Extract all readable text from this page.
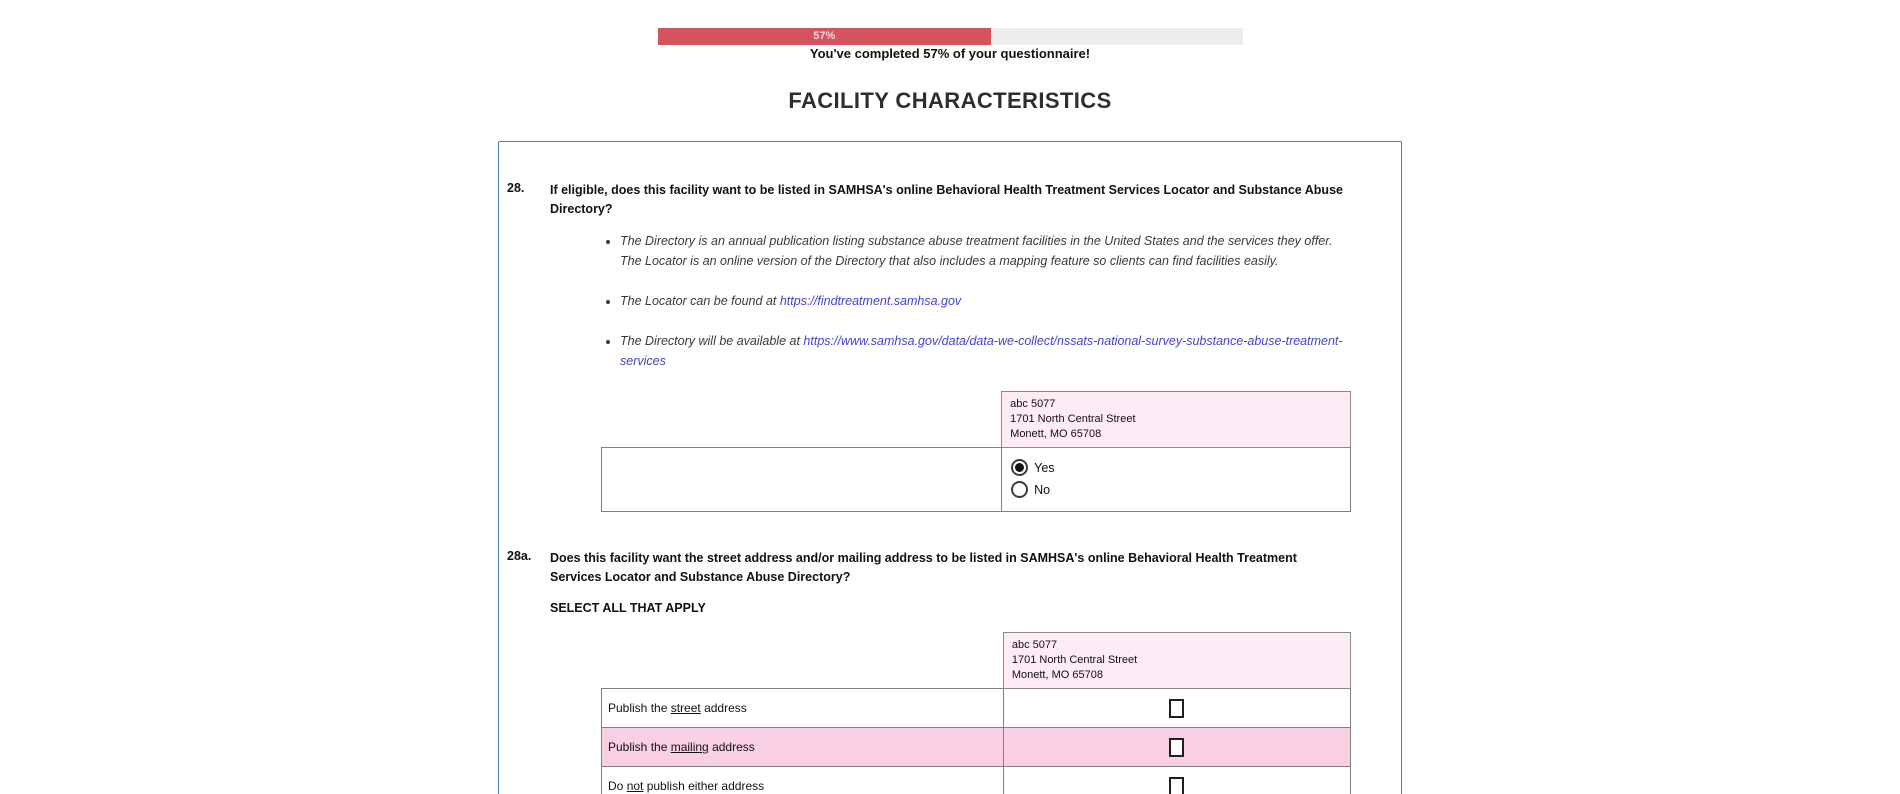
57%
You've completed 57% of your questionnaire!
FACILITY CHARACTERISTICS
28.	If eligible, does this facility want to be listed in SAMHSA's online Behavioral Health Treatment Services Locator and Substance Abuse Directory?
• The Directory is an annual publication listing substance abuse treatment facilities in the United States and the services they offer. The Locator is an online version of the Directory that also includes a mapping feature so clients can find facilities easily.
• The Locator can be found at https://findtreatment.samhsa.gov
• The Directory will be available at https://www.samhsa.gov/data/data-we-collect/nssats-national-survey-substance-abuse-treatment-services

	abc 5077
1701 North Central Street
Monett, MO 65708

	Yes
No
28a.	Does this facility want the street address and/or mailing address to be listed in SAMHSA's online Behavioral Health Treatment Services Locator and Substance Abuse Directory?
SELECT ALL THAT APPLY

	abc 5077
1701 North Central Street
Monett, MO 65708

Publish the street address	
Publish the mailing address	
Do not publish either address	
